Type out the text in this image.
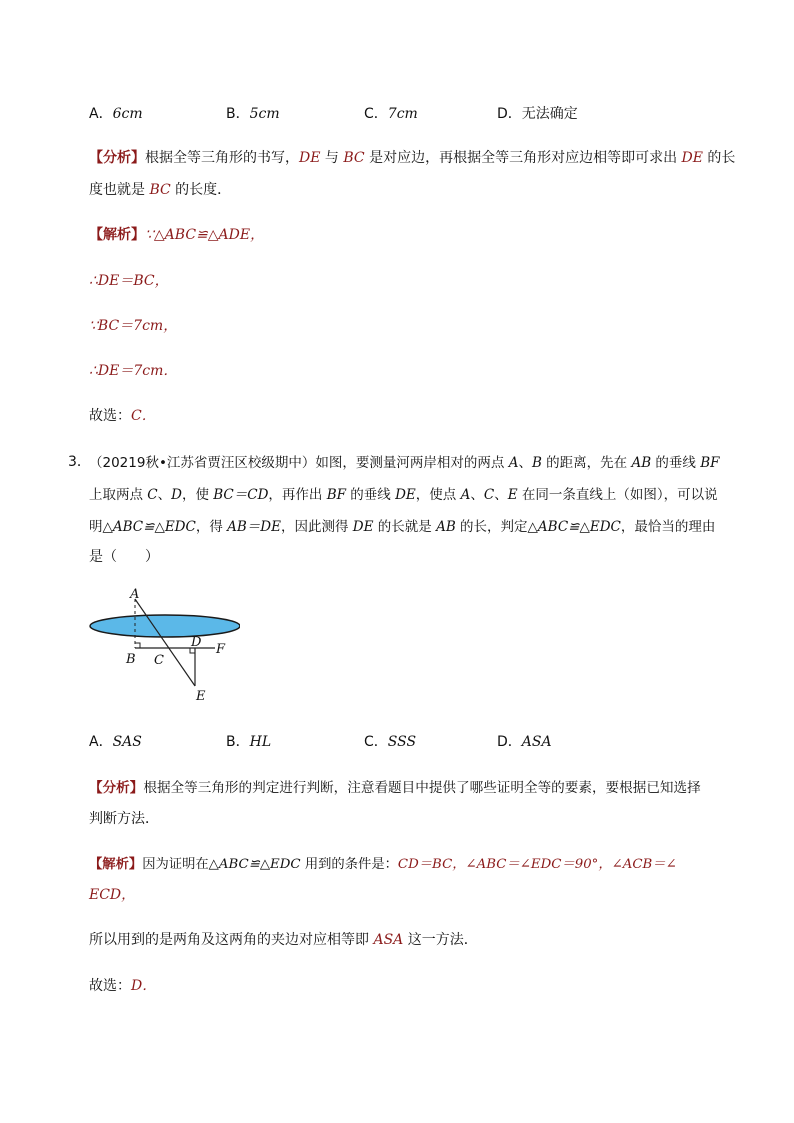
A．6cm	B．5cm	C．7cm	D．无法确定
【分析】根据全等三角形的书写，DE 与 BC 是对应边，再根据全等三角形对应边相等即可求出 DE 的长
度也就是 BC 的长度．
【解析】∵△ABC≌△ADE，
∴DE＝BC，
∵BC＝7cm，
∴DE＝7cm．
故选：C．
3．
（20219秋•江苏省贾汪区校级期中）如图，要测量河两岸相对的两点 A、B 的距离，先在 AB 的垂线 BF
上取两点 C、D，使 BC＝CD，再作出 BF 的垂线 DE，使点 A、C、E 在同一条直线上（如图），可以说
明△ABC≌△EDC，得 AB＝DE，因此测得 DE 的长就是 AB 的长，判定△ABC≌△EDC，最恰当的理由
是（　　）
A
B C
D F
E
A．SAS	B．HL	C．SSS	D．ASA
【分析】根据全等三角形的判定进行判断，注意看题目中提供了哪些证明全等的要素，要根据已知选择
判断方法．
【解析】因为证明在△ABC≌△EDC 用到的条件是：CD＝BC，∠ABC＝∠EDC＝90°，∠ACB＝∠
ECD，
所以用到的是两角及这两角的夹边对应相等即 ASA 这一方法．
故选：D．
